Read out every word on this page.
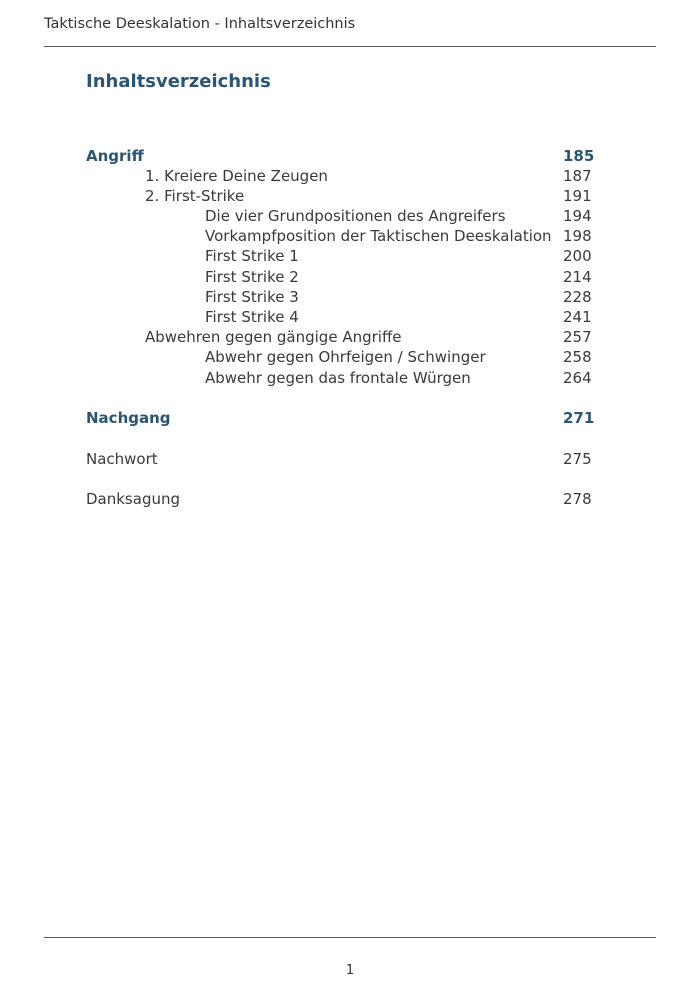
Taktische Deeskalation - Inhaltsverzeichnis
Inhaltsverzeichnis
Angriff	185
1. Kreiere Deine Zeugen	187
2. First-Strike	191
Die vier Grundpositionen des Angreifers	194
Vorkampfposition der Taktischen Deeskalation 198
First Strike 1	200
First Strike 2	214
First Strike 3	228
First Strike 4	241
Abwehren gegen gängige Angriffe	257
Abwehr gegen Ohrfeigen / Schwinger	258
Abwehr gegen das frontale Würgen	264
Nachgang	271
Nachwort	275
Danksagung	278
1
